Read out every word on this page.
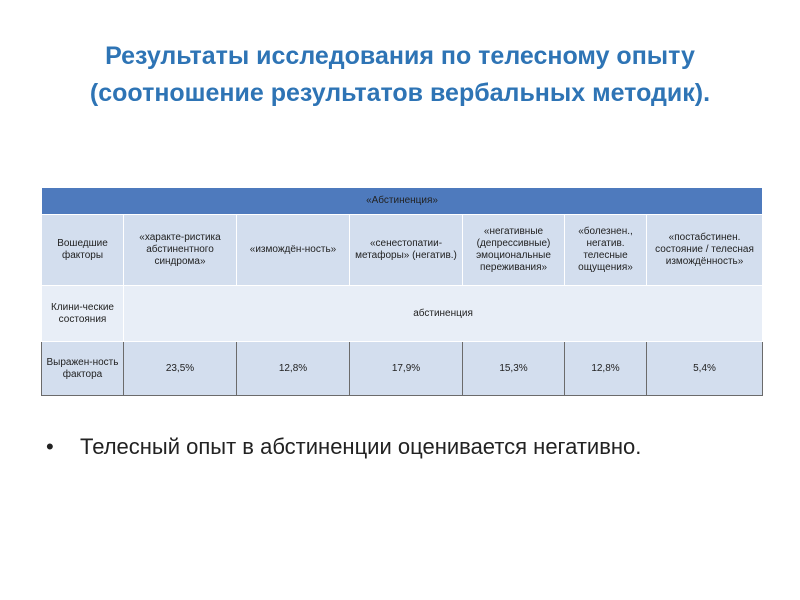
Результаты исследования по телесному опыту
(соотношение результатов вербальных методик).
«Абстиненция»						
Вошедшие факторы	«характе-ристика абстинентного синдрома»	«измождён-ность»	«сенестопатии-метафоры» (негатив.)	«негативные (депрессивные) эмоциональные переживания»	«болезнен., негатив. телесные ощущения»	«постабстинен. состояние / телесная измождённость»
Клини-ческие состояния	абстиненция					
Выражен-ность фактора	23,5%	12,8%	17,9%	15,3%	12,8%	5,4%
• Телесный опыт в абстиненции оценивается негативно.
